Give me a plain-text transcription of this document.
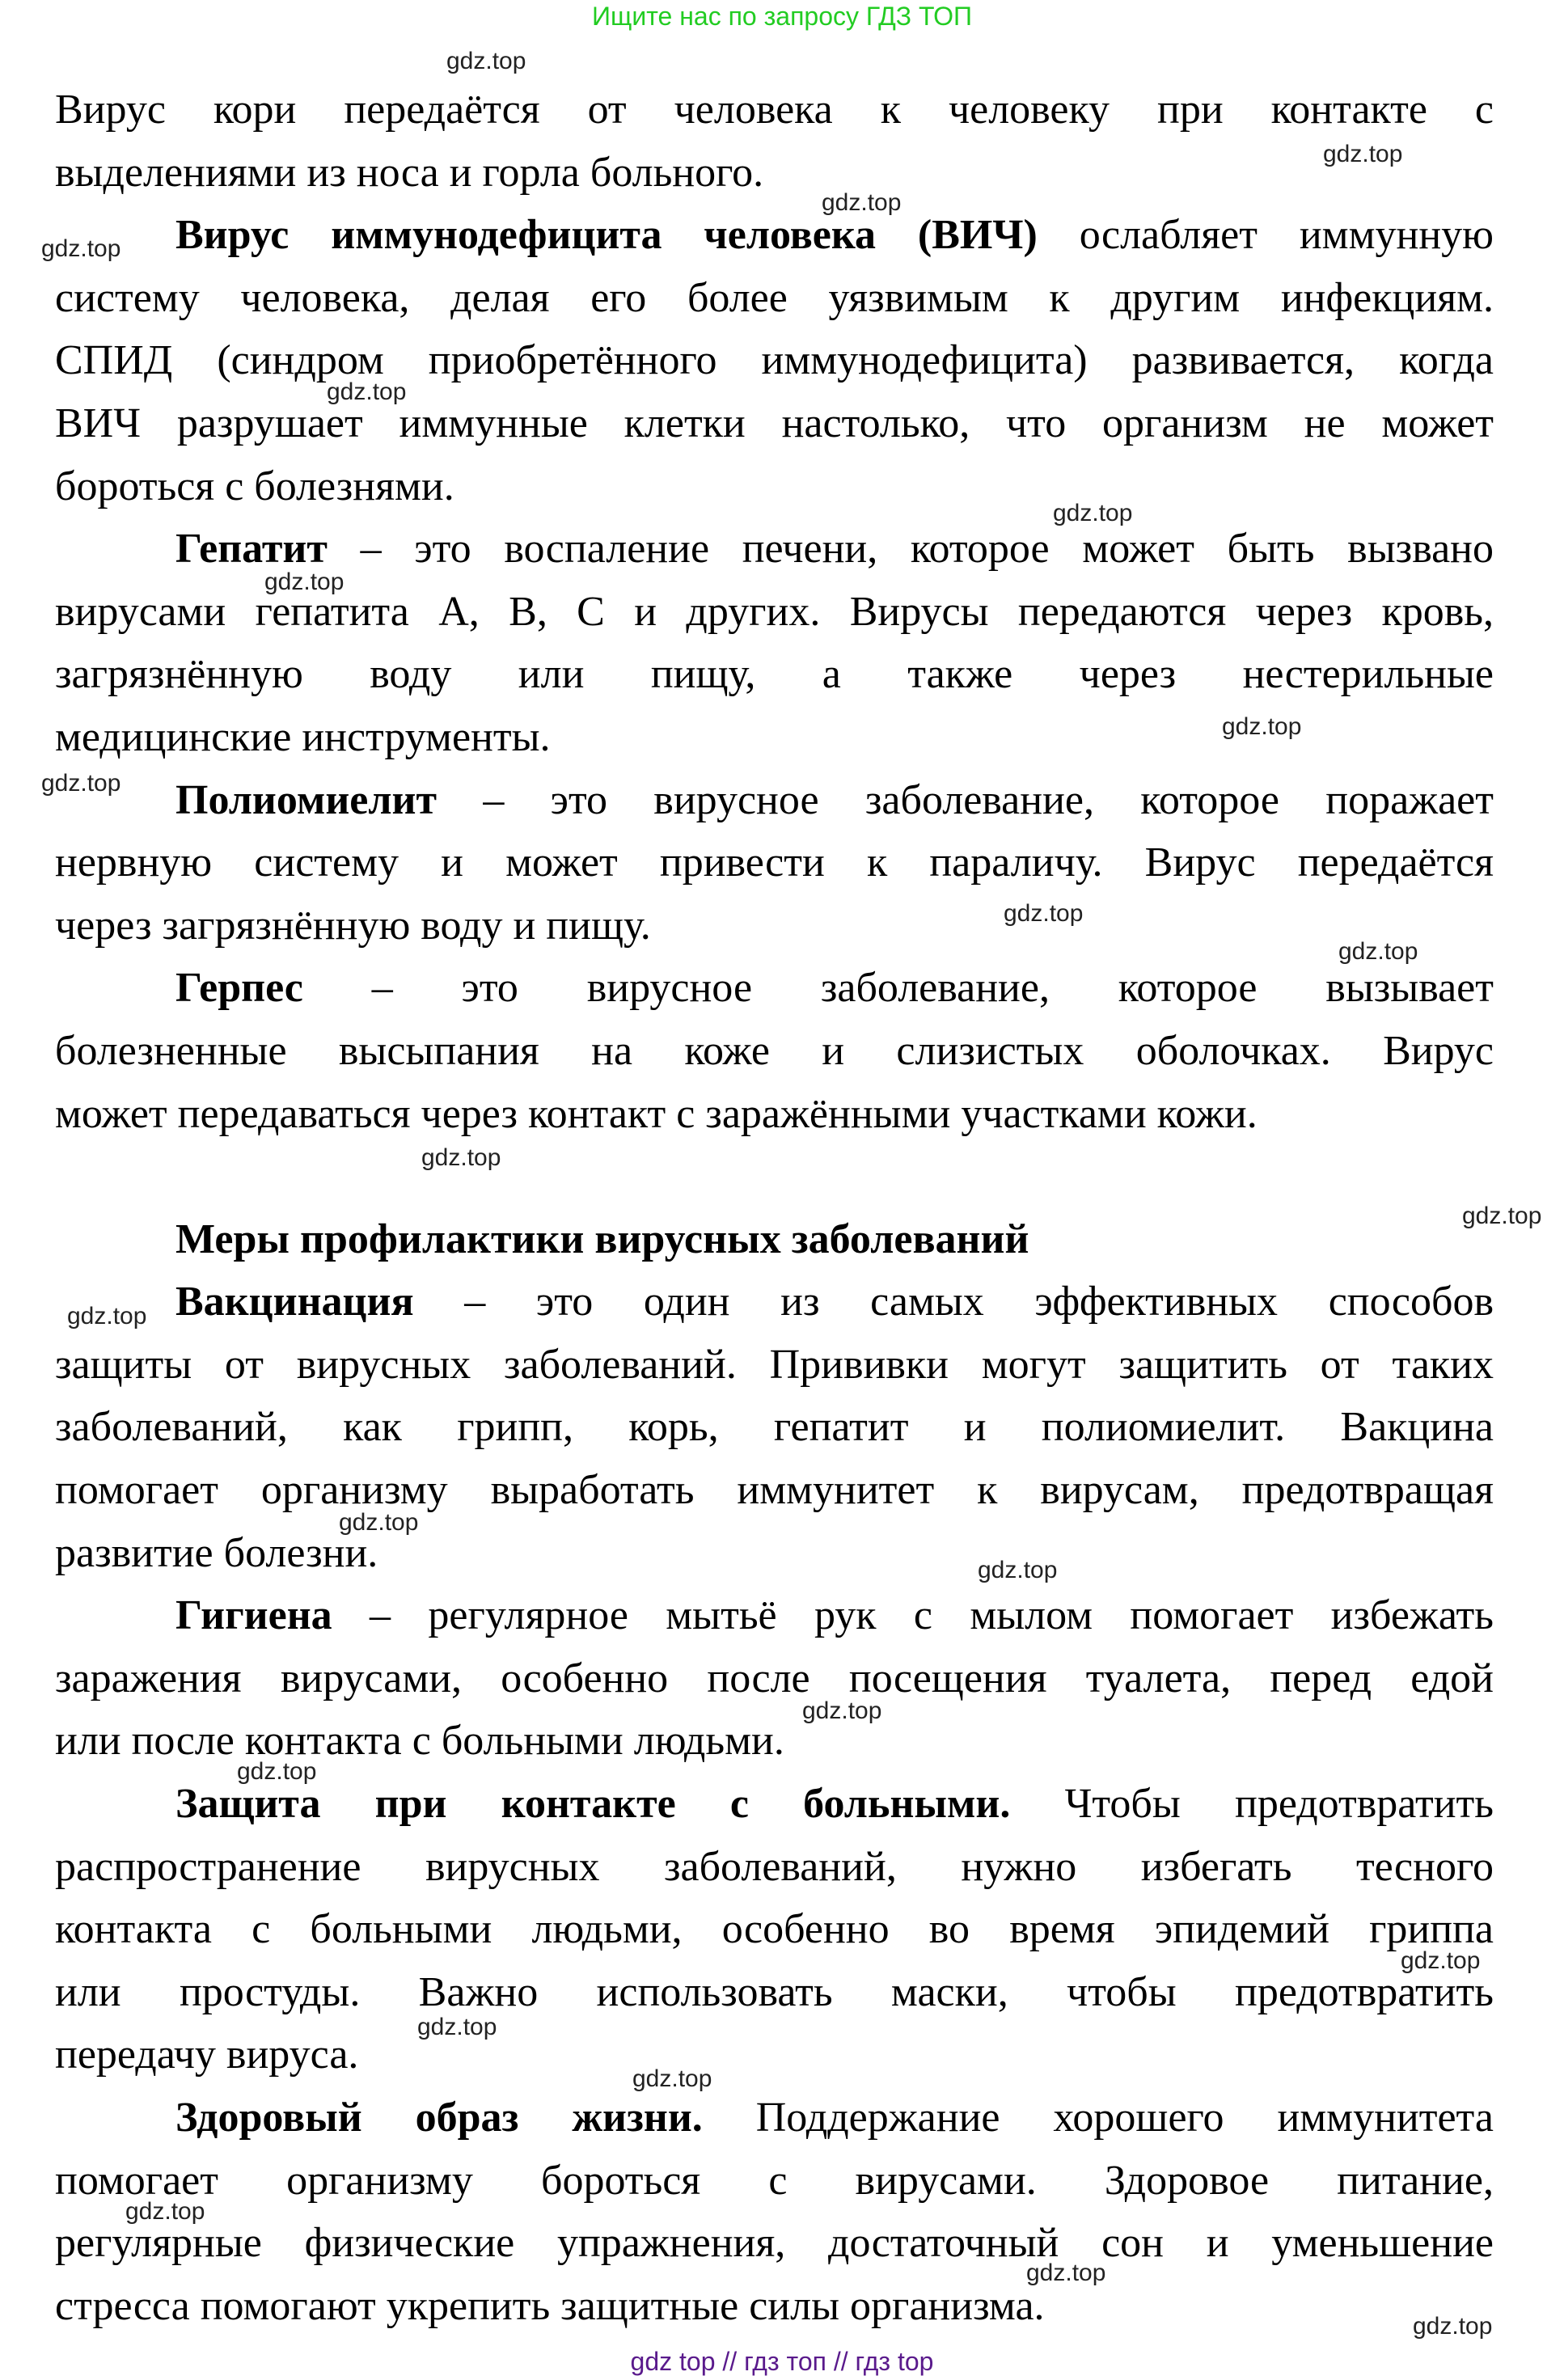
Ищите нас по запросу ГДЗ ТОП
Вирус кори передаётся от человека к человеку при контакте с
выделениями из носа и горла больного.
Вирус иммунодефицита человека (ВИЧ) ослабляет иммунную
систему человека, делая его более уязвимым к другим инфекциям.
СПИД (синдром приобретённого иммунодефицита) развивается, когда
ВИЧ разрушает иммунные клетки настолько, что организм не может
бороться с болезнями.
Гепатит – это воспаление печени, которое может быть вызвано
вирусами гепатита A, B, C и других. Вирусы передаются через кровь,
загрязнённую воду или пищу, а также через нестерильные
медицинские инструменты.
Полиомиелит – это вирусное заболевание, которое поражает
нервную систему и может привести к параличу. Вирус передаётся
через загрязнённую воду и пищу.
Герпес – это вирусное заболевание, которое вызывает
болезненные высыпания на коже и слизистых оболочках. Вирус
может передаваться через контакт с заражёнными участками кожи.
Меры профилактики вирусных заболеваний
Вакцинация – это один из самых эффективных способов
защиты от вирусных заболеваний. Прививки могут защитить от таких
заболеваний, как грипп, корь, гепатит и полиомиелит. Вакцина
помогает организму выработать иммунитет к вирусам, предотвращая
развитие болезни.
Гигиена – регулярное мытьё рук с мылом помогает избежать
заражения вирусами, особенно после посещения туалета, перед едой
или после контакта с больными людьми.
Защита при контакте с больными. Чтобы предотвратить
распространение вирусных заболеваний, нужно избегать тесного
контакта с больными людьми, особенно во время эпидемий гриппа
или простуды. Важно использовать маски, чтобы предотвратить
передачу вируса.
Здоровый образ жизни. Поддержание хорошего иммунитета
помогает организму бороться с вирусами. Здоровое питание,
регулярные физические упражнения, достаточный сон и уменьшение
стресса помогают укрепить защитные силы организма.
gdz.top
gdz.top
gdz.top
gdz.top
gdz.top
gdz.top
gdz.top
gdz.top
gdz.top
gdz.top
gdz.top
gdz.top
gdz.top
gdz.top
gdz.top
gdz.top
gdz.top
gdz.top
gdz.top
gdz.top
gdz.top
gdz.top
gdz.top
gdz.top
gdz top // гдз топ // гдз top
